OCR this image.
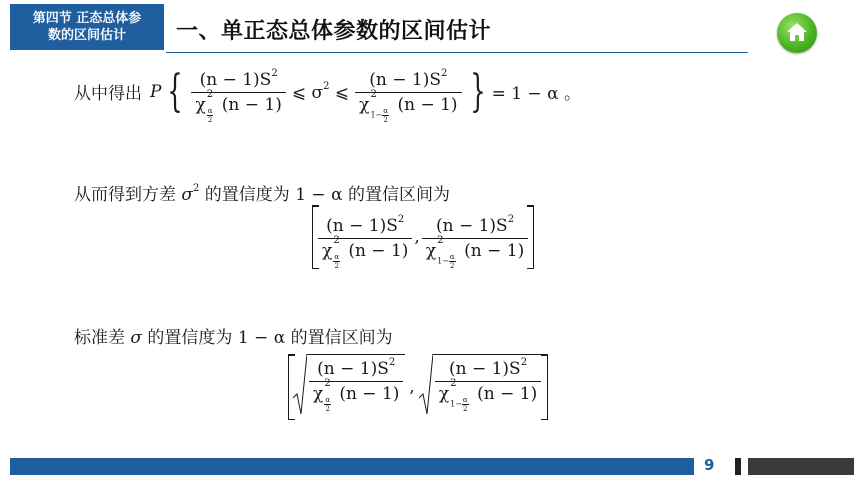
第四节 正态总体参
数的区间估计	一、单正态总体参数的区间估计
从中得出 P { $(n - 1)S^2$
χ
2
$\frac{\alpha}{2}$
(n − 1) ⩽ $\sigma^2$ ⩽ $(n - 1)S^2$
χ
2
$1- \frac{\alpha}{2}$
(n − 1) } = 1 − α 。
从而得到方差 $\sigma^2$ 的置信度为 1 − α 的置信区间为
$(n - 1)S^2$
χ
2
$\frac{\alpha}{2}$
(n − 1) , $(n - 1)S^2$
χ
2
$1- \frac{\alpha}{2}$
(n − 1)
标准差 σ 的置信度为 1 − α 的置信区间为
$(n - 1)S^2$
χ
2
$\frac{\alpha}{2}$
(n − 1) , $(n - 1)S^2$
χ
2
$1- \frac{\alpha}{2}$
(n − 1)
9
